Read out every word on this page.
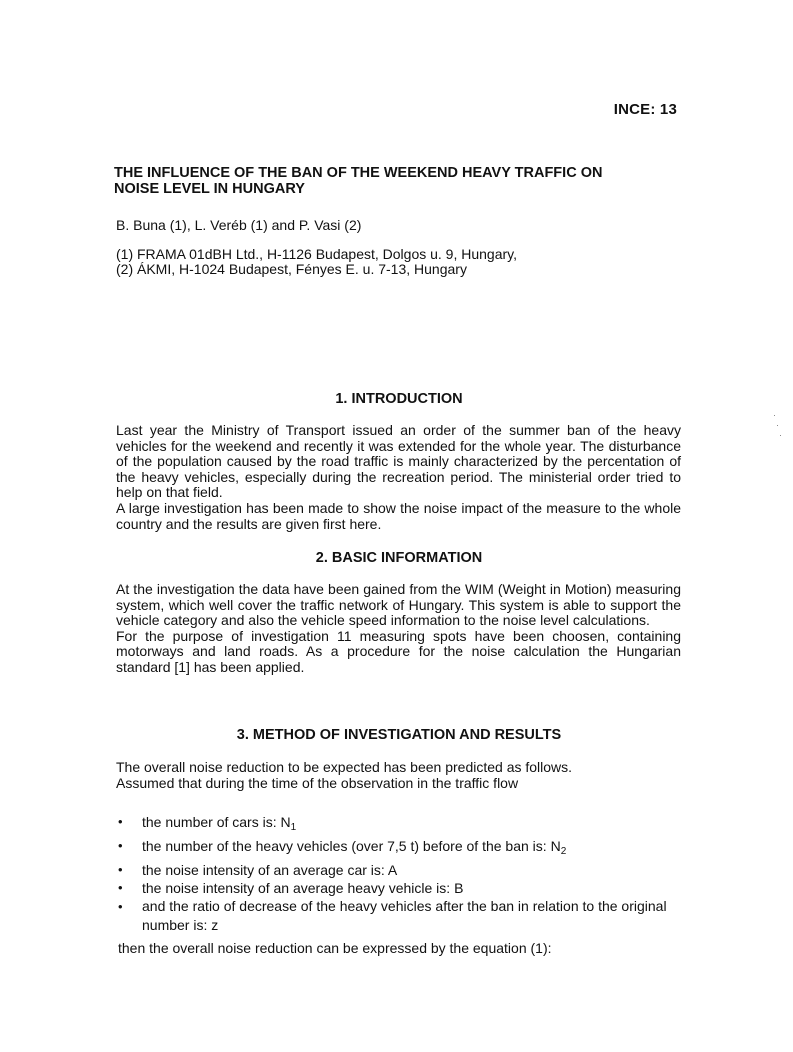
INCE: 13
THE INFLUENCE OF THE BAN OF THE WEEKEND HEAVY TRAFFIC ON
NOISE LEVEL IN HUNGARY
B. Buna (1), L. Veréb (1) and P. Vasi (2)
(1) FRAMA 01dBH Ltd., H-1126 Budapest, Dolgos u. 9, Hungary,
(2) ÁKMI, H-1024 Budapest, Fényes E. u. 7-13, Hungary
1. INTRODUCTION
Last year the Ministry of Transport issued an order of the summer ban of the heavy vehicles for the weekend and recently it was extended for the whole year. The disturbance of the population caused by the road traffic is mainly characterized by the percentation of the heavy vehicles, especially during the recreation period. The ministerial order tried to help on that field.
A large investigation has been made to show the noise impact of the measure to the whole country and the results are given first here.
2. BASIC INFORMATION
At the investigation the data have been gained from the WIM (Weight in Motion) measuring system, which well cover the traffic network of Hungary. This system is able to support the vehicle category and also the vehicle speed information to the noise level calculations.
For the purpose of investigation 11 measuring spots have been choosen, containing motorways and land roads. As a procedure for the noise calculation the Hungarian standard [1] has been applied.
3. METHOD OF INVESTIGATION AND RESULTS
The overall noise reduction to be expected has been predicted as follows.
Assumed that during the time of the observation in the traffic flow
• the number of cars is: $N_1$
• the number of the heavy vehicles (over 7,5 t) before of the ban is: $N_2$
• the noise intensity of an average car is: A
• the noise intensity of an average heavy vehicle is: B
• and the ratio of decrease of the heavy vehicles after the ban in relation to the original number is: z
then the overall noise reduction can be expressed by the equation (1):
·
·
·
